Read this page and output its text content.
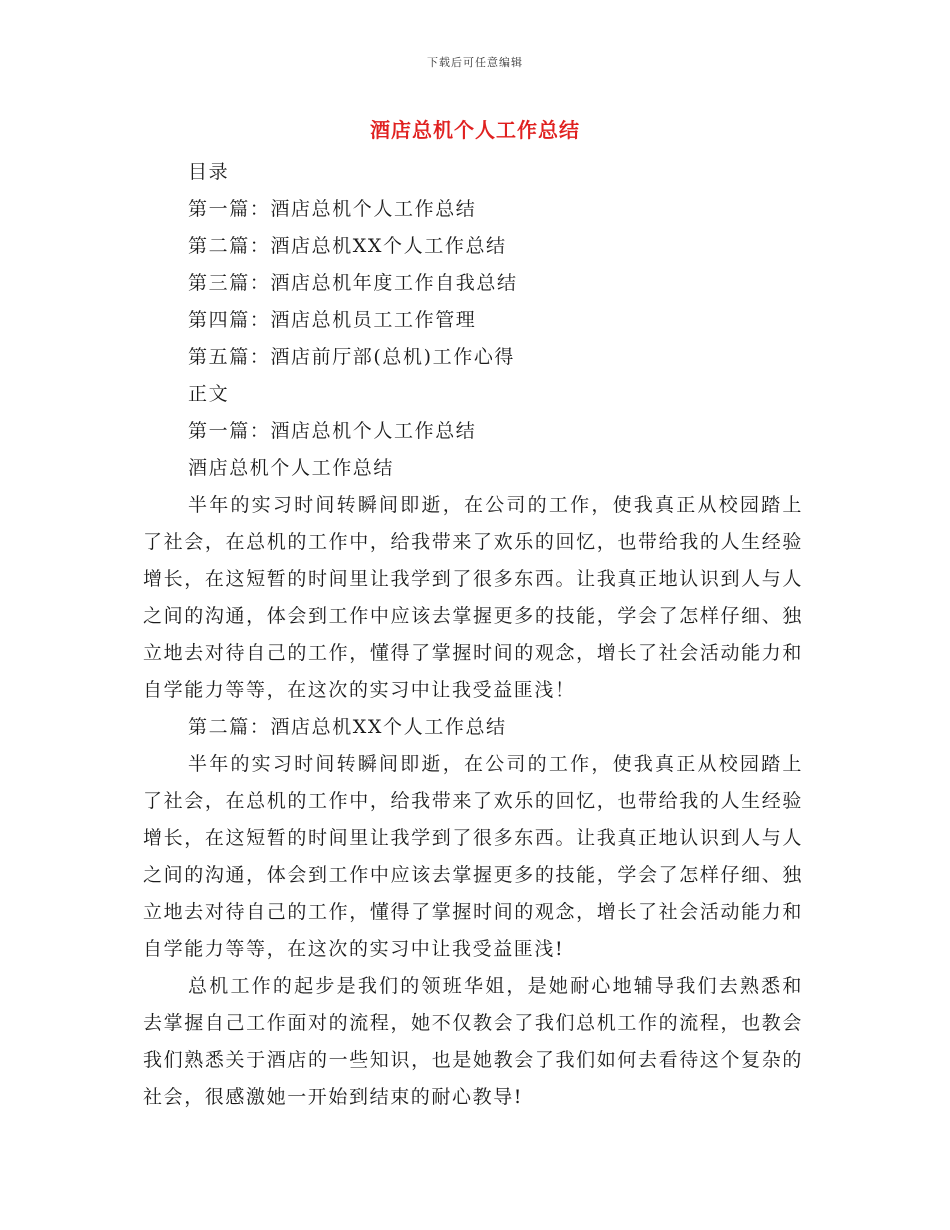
下载后可任意编辑
酒店总机个人工作总结

目录

第一篇：酒店总机个人工作总结

第二篇：酒店总机XX个人工作总结

第三篇：酒店总机年度工作自我总结

第四篇：酒店总机员工工作管理

第五篇：酒店前厅部(总机)工作心得

正文

第一篇：酒店总机个人工作总结

酒店总机个人工作总结

半年的实习时间转瞬间即逝，在公司的工作，使我真正从校园踏上了社会，在总机的工作中，给我带来了欢乐的回忆，也带给我的人生经验增长，在这短暂的时间里让我学到了很多东西。让我真正地认识到人与人之间的沟通，体会到工作中应该去掌握更多的技能，学会了怎样仔细、独立地去对待自己的工作，懂得了掌握时间的观念，增长了社会活动能力和自学能力等等，在这次的实习中让我受益匪浅！

第二篇：酒店总机XX个人工作总结

半年的实习时间转瞬间即逝，在公司的工作，使我真正从校园踏上了社会，在总机的工作中，给我带来了欢乐的回忆，也带给我的人生经验增长，在这短暂的时间里让我学到了很多东西。让我真正地认识到人与人之间的沟通，体会到工作中应该去掌握更多的技能，学会了怎样仔细、独立地去对待自己的工作，懂得了掌握时间的观念，增长了社会活动能力和自学能力等等，在这次的实习中让我受益匪浅!

总机工作的起步是我们的领班华姐，是她耐心地辅导我们去熟悉和去掌握自己工作面对的流程，她不仅教会了我们总机工作的流程，也教会我们熟悉关于酒店的一些知识，也是她教会了我们如何去看待这个复杂的社会，很感激她一开始到结束的耐心教导!
